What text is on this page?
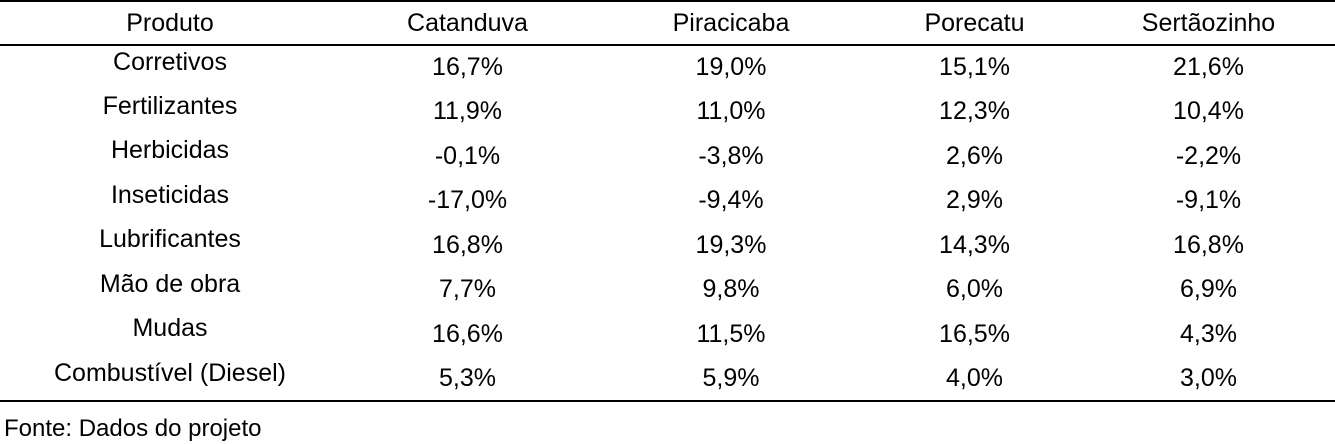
Produto	Catanduva	Piracicaba	Porecatu	Sertãozinho
Corretivos	16,7%	19,0%	15,1%	21,6%
Fertilizantes	11,9%	11,0%	12,3%	10,4%
Herbicidas	-0,1%	-3,8%	2,6%	-2,2%
Inseticidas	-17,0%	-9,4%	2,9%	-9,1%
Lubrificantes	16,8%	19,3%	14,3%	16,8%
Mão de obra	7,7%	9,8%	6,0%	6,9%
Mudas	16,6%	11,5%	16,5%	4,3%
Combustível (Diesel)	5,3%	5,9%	4,0%	3,0%
Fonte: Dados do projeto
